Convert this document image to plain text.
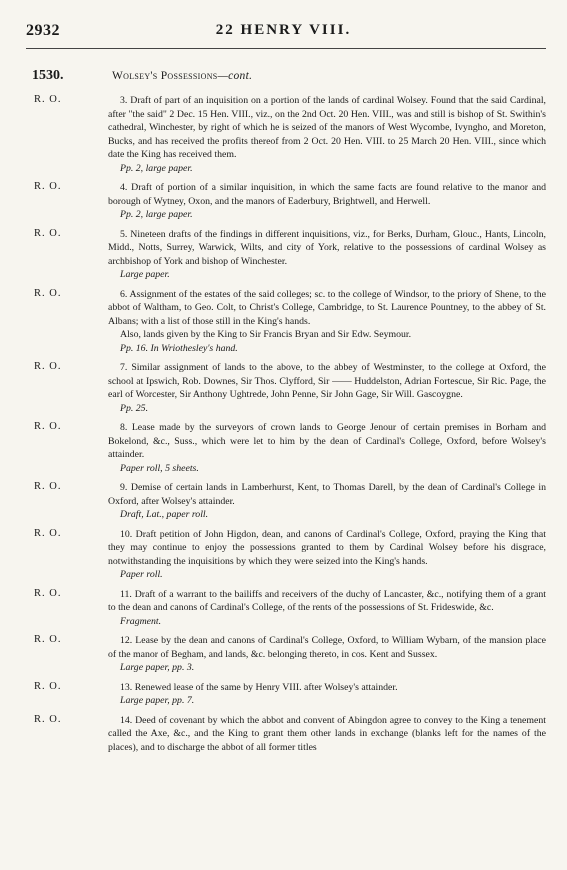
2932	22 HENRY VIII.
1530.	Wolsey's Possessions—cont.
R. O.	3. Draft of part of an inquisition on a portion of the lands of cardinal Wolsey. Found that the said Cardinal, after "the said" 2 Dec. 15 Hen. VIII., viz., on the 2nd Oct. 20 Hen. VIII., was and still is bishop of St. Swithin's cathedral, Winchester, by right of which he is seized of the manors of West Wycombe, Ivyngho, and Moreton, Bucks, and has received the profits thereof from 2 Oct. 20 Hen. VIII. to 25 March 20 Hen. VIII., since which date the King has received them.
Pp. 2, large paper.
R. O.	4. Draft of portion of a similar inquisition, in which the same facts are found relative to the manor and borough of Wytney, Oxon, and the manors of Eaderbury, Brightwell, and Herwell.
Pp. 2, large paper.
R. O.	5. Nineteen drafts of the findings in different inquisitions, viz., for Berks, Durham, Glouc., Hants, Lincoln, Midd., Notts, Surrey, Warwick, Wilts, and city of York, relative to the possessions of cardinal Wolsey as archbishop of York and bishop of Winchester.
Large paper.
R. O.	6. Assignment of the estates of the said colleges; sc. to the college of Windsor, to the priory of Shene, to the abbot of Waltham, to Geo. Colt, to Christ's College, Cambridge, to St. Laurence Pountney, to the abbey of St. Albans; with a list of those still in the King's hands.
Also, lands given by the King to Sir Francis Bryan and Sir Edw. Seymour.
Pp. 16. In Wriothesley's hand.
R. O.	7. Similar assignment of lands to the above, to the abbey of Westminster, to the college at Oxford, the school at Ipswich, Rob. Downes, Sir Thos. Clyfford, Sir —— Huddelston, Adrian Fortescue, Sir Ric. Page, the earl of Worcester, Sir Anthony Ughtrede, John Penne, Sir John Gage, Sir Will. Gascoygne.
Pp. 25.
R. O.	8. Lease made by the surveyors of crown lands to George Jenour of certain premises in Borham and Bokelond, &c., Suss., which were let to him by the dean of Cardinal's College, Oxford, before Wolsey's attainder.
Paper roll, 5 sheets.
R. O.	9. Demise of certain lands in Lamberhurst, Kent, to Thomas Darell, by the dean of Cardinal's College in Oxford, after Wolsey's attainder.
Draft, Lat., paper roll.
R. O.	10. Draft petition of John Higdon, dean, and canons of Cardinal's College, Oxford, praying the King that they may continue to enjoy the possessions granted to them by Cardinal Wolsey before his disgrace, notwithstanding the inquisitions by which they were seized into the King's hands.
Paper roll.
R. O.	11. Draft of a warrant to the bailiffs and receivers of the duchy of Lancaster, &c., notifying them of a grant to the dean and canons of Cardinal's College, of the rents of the possessions of St. Frideswide, &c.
Fragment.
R. O.	12. Lease by the dean and canons of Cardinal's College, Oxford, to William Wybarn, of the mansion place of the manor of Begham, and lands, &c. belonging thereto, in cos. Kent and Sussex.
Large paper, pp. 3.
R. O.	13. Renewed lease of the same by Henry VIII. after Wolsey's attainder.
Large paper, pp. 7.
R. O.	14. Deed of covenant by which the abbot and convent of Abingdon agree to convey to the King a tenement called the Axe, &c., and the King to grant them other lands in exchange (blanks left for the names of the places), and to discharge the abbot of all former titles
